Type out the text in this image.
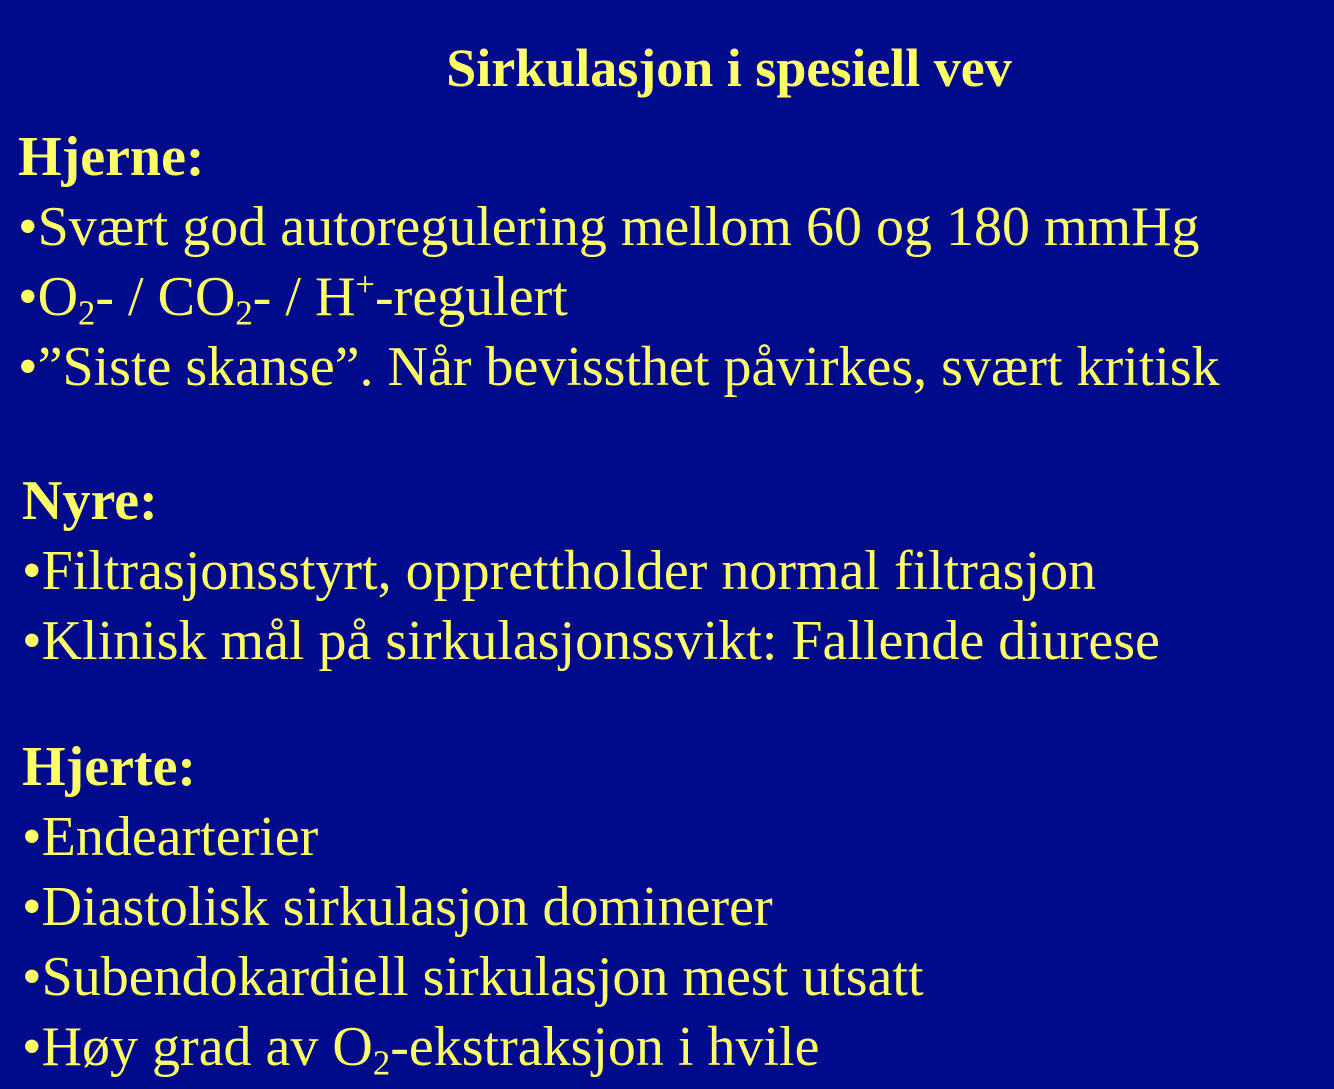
Sirkulasjon i spesiell vev
Hjerne:
•Svært god autoregulering mellom 60 og 180 mmHg
$•O_2- / CO_2-$ / H+-regulert
•”Siste skanse”. Når bevissthet påvirkes, svært kritisk
Nyre:
•Filtrasjonsstyrt, opprettholder normal filtrasjon
•Klinisk mål på sirkulasjonssvikt: Fallende diurese
Hjerte:
•Endearterier
•Diastolisk sirkulasjon dominerer
•Subendokardiell sirkulasjon mest utsatt
•Høy grad av $O_2$-ekstraksjon i hvile
